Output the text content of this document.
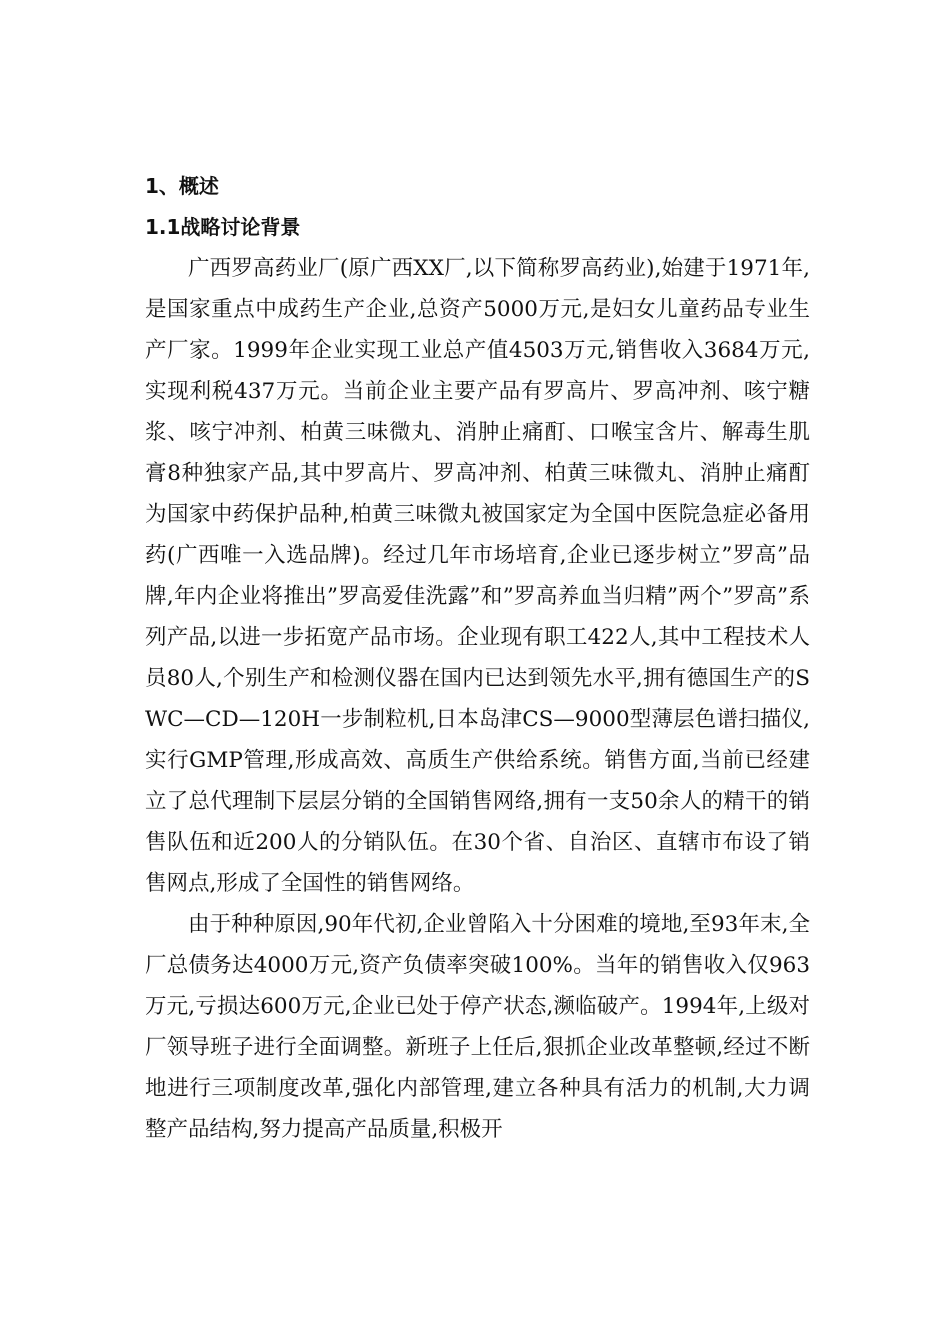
1、概述

1.1战略讨论背景

广西罗高药业厂(原广西XX厂,以下简称罗高药业),始建于1971年,是国家重点中成药生产企业,总资产5000万元,是妇女儿童药品专业生产厂家。1999年企业实现工业总产值4503万元,销售收入3684万元,实现利税437万元。当前企业主要产品有罗高片、罗高冲剂、咳宁糖浆、咳宁冲剂、柏黄三味微丸、消肿止痛酊、口喉宝含片、解毒生肌膏8种独家产品,其中罗高片、罗高冲剂、柏黄三味微丸、消肿止痛酊为国家中药保护品种,柏黄三味微丸被国家定为全国中医院急症必备用药(广西唯一入选品牌)。经过几年市场培育,企业已逐步树立”罗高”品牌,年内企业将推出”罗高爱佳洗露”和”罗高养血当归精”两个”罗高”系列产品,以进一步拓宽产品市场。企业现有职工422人,其中工程技术人员80人,个别生产和检测仪器在国内已达到领先水平,拥有德国生产的SWC—CD—120H一步制粒机,日本岛津CS—9000型薄层色谱扫描仪,实行GMP管理,形成高效、高质生产供给系统。销售方面,当前已经建立了总代理制下层层分销的全国销售网络,拥有一支50余人的精干的销售队伍和近200人的分销队伍。在30个省、自治区、直辖市布设了销售网点,形成了全国性的销售网络。

由于种种原因,90年代初,企业曾陷入十分困难的境地,至93年末,全厂总债务达4000万元,资产负债率突破100%。当年的销售收入仅963万元,亏损达600万元,企业已处于停产状态,濒临破产。1994年,上级对厂领导班子进行全面调整。新班子上任后,狠抓企业改革整顿,经过不断地进行三项制度改革,强化内部管理,建立各种具有活力的机制,大力调整产品结构,努力提高产品质量,积极开
